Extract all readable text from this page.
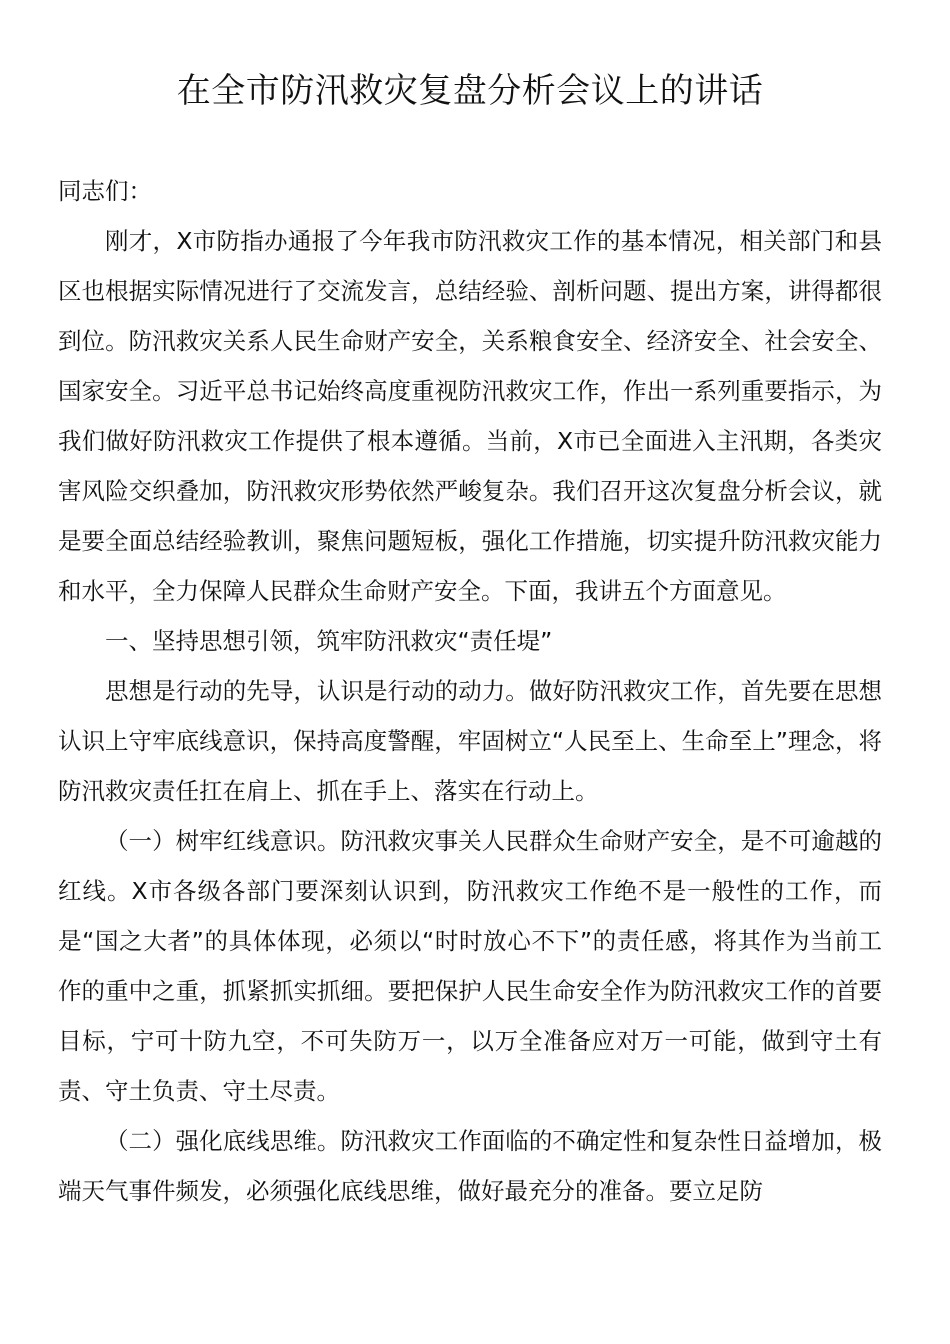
在全市防汛救灾复盘分析会议上的讲话

同志们：

刚才，X市防指办通报了今年我市防汛救灾工作的基本情况，相关部门和县区也根据实际情况进行了交流发言，总结经验、剖析问题、提出方案，讲得都很到位。防汛救灾关系人民生命财产安全，关系粮食安全、经济安全、社会安全、国家安全。习近平总书记始终高度重视防汛救灾工作，作出一系列重要指示，为我们做好防汛救灾工作提供了根本遵循。当前，X市已全面进入主汛期，各类灾害风险交织叠加，防汛救灾形势依然严峻复杂。我们召开这次复盘分析会议，就是要全面总结经验教训，聚焦问题短板，强化工作措施，切实提升防汛救灾能力和水平，全力保障人民群众生命财产安全。下面，我讲五个方面意见。

一、坚持思想引领，筑牢防汛救灾“责任堤”

思想是行动的先导，认识是行动的动力。做好防汛救灾工作，首先要在思想认识上守牢底线意识，保持高度警醒，牢固树立“人民至上、生命至上”理念，将防汛救灾责任扛在肩上、抓在手上、落实在行动上。

（一）树牢红线意识。防汛救灾事关人民群众生命财产安全，是不可逾越的红线。X市各级各部门要深刻认识到，防汛救灾工作绝不是一般性的工作，而是“国之大者”的具体体现，必须以“时时放心不下”的责任感，将其作为当前工作的重中之重，抓紧抓实抓细。要把保护人民生命安全作为防汛救灾工作的首要目标，宁可十防九空，不可失防万一，以万全准备应对万一可能，做到守土有责、守土负责、守土尽责。

（二）强化底线思维。防汛救灾工作面临的不确定性和复杂性日益增加，极端天气事件频发，必须强化底线思维，做好最充分的准备。要立足防
